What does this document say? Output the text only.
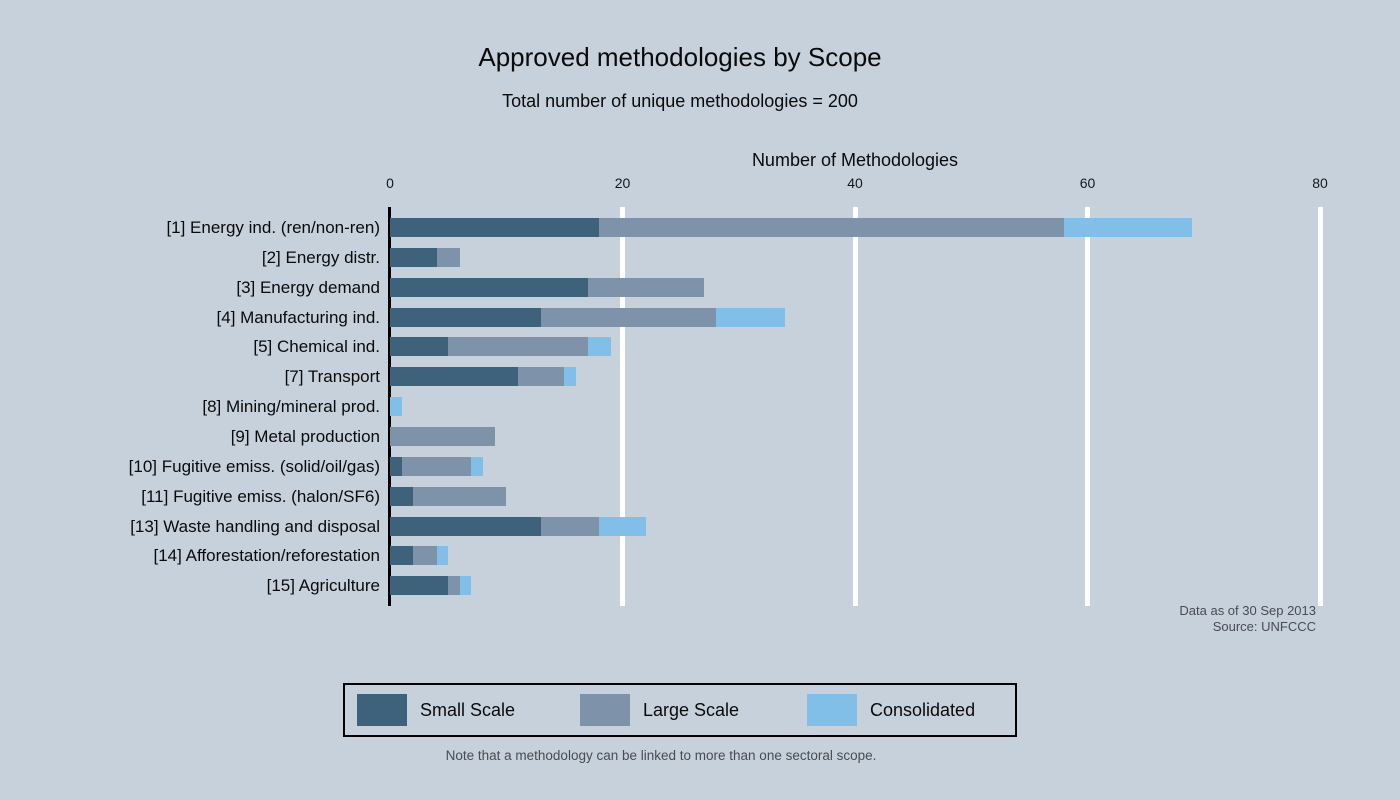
Approved methodologies by Scope
Total number of unique methodologies = 200
Number of Methodologies
0	20	40	60	80
[1] Energy ind. (ren/non-ren)
[2] Energy distr.
[3] Energy demand
[4] Manufacturing ind.
[5] Chemical ind.
[7] Transport
[8] Mining/mineral prod.
[9] Metal production
[10] Fugitive emiss. (solid/oil/gas)
[11] Fugitive emiss. (halon/SF6)
[13] Waste handling and disposal
[14] Afforestation/reforestation
[15] Agriculture
Data as of 30 Sep 2013
Source: UNFCCC
Small Scale	Large Scale	Consolidated
Note that a methodology can be linked to more than one sectoral scope.
